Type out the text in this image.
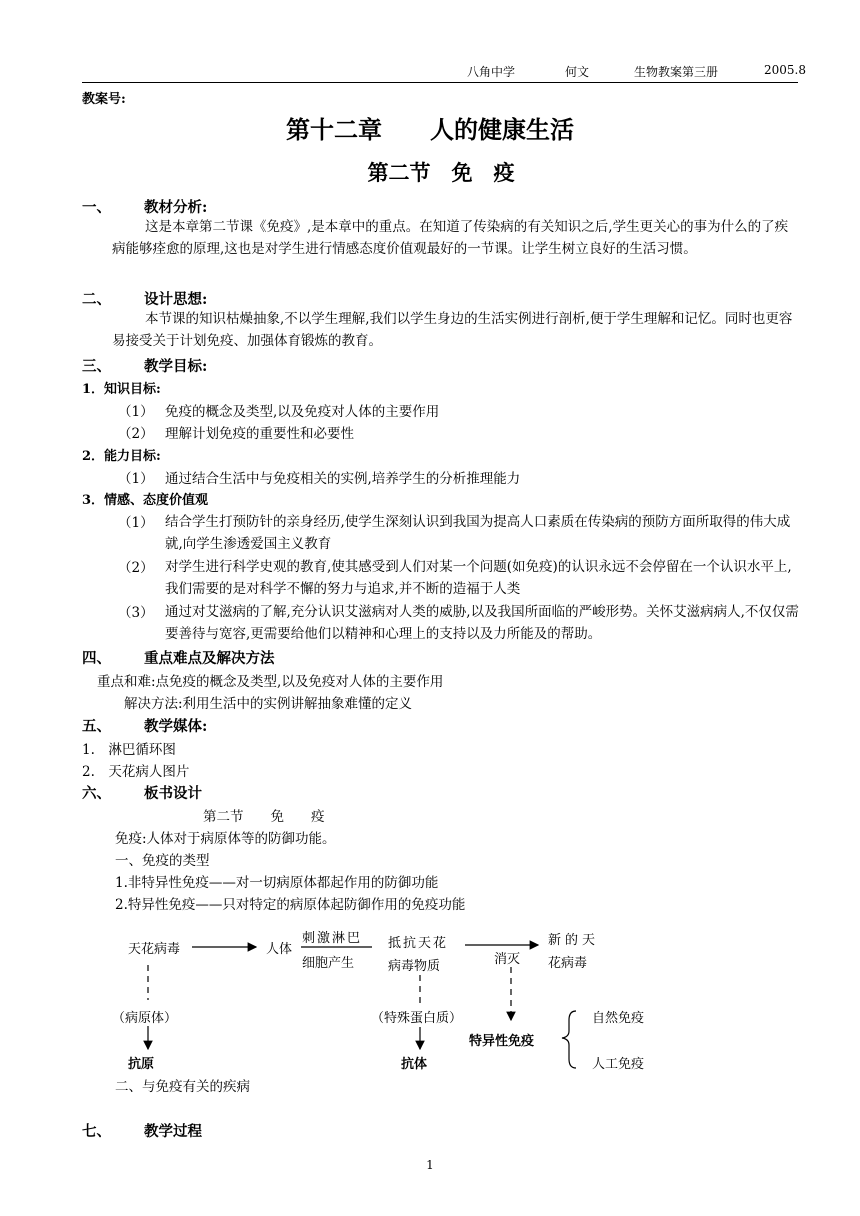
八角中学	何文	生物教案第三册	2005.8
教案号:
第十二章　　人的健康生活
第二节　免　疫
一、 教材分析:
这是本章第二节课《免疫》,是本章中的重点。在知道了传染病的有关知识之后,学生更关心的事为什么的了疾病能够痊愈的原理,这也是对学生进行情感态度价值观最好的一节课。让学生树立良好的生活习惯。
二、 设计思想:
本节课的知识枯燥抽象,不以学生理解,我们以学生身边的生活实例进行剖析,便于学生理解和记忆。同时也更容易接受关于计划免疫、加强体育锻炼的教育。
三、 教学目标:
1．知识目标:
（1） 免疫的概念及类型,以及免疫对人体的主要作用
（2） 理解计划免疫的重要性和必要性
2．能力目标:
（1） 通过结合生活中与免疫相关的实例,培养学生的分析推理能力
3．情感、态度价值观
（1） 结合学生打预防针的亲身经历,使学生深刻认识到我国为提高人口素质在传染病的预防方面所取得的伟大成就,向学生渗透爱国主义教育
（2） 对学生进行科学史观的教育,使其感受到人们对某一个问题(如免疫)的认识永远不会停留在一个认识水平上,我们需要的是对科学不懈的努力与追求,并不断的造福于人类
（3） 通过对艾滋病的了解,充分认识艾滋病对人类的威胁,以及我国所面临的严峻形势。关怀艾滋病病人,不仅仅需要善待与宽容,更需要给他们以精神和心理上的支持以及力所能及的帮助。
四、 重点难点及解决方法
重点和难:点免疫的概念及类型,以及免疫对人体的主要作用
解决方法:利用生活中的实例讲解抽象难懂的定义
五、 教学媒体:
1.　淋巴循环图
2.　天花病人图片
六、 板书设计
第二节　　免　　疫
免疫:人体对于病原体等的防御功能。
一、免疫的类型
1.非特异性免疫——对一切病原体都起作用的防御功能
2.特异性免疫——只对特定的病原体起防御作用的免疫功能
天花病毒	人体
刺激淋巴
细胞产生
抵抗天花
病毒物质	消灭
新的天
花病毒
（病原体）	（特殊蛋白质）
抗原	抗体
特异性免疫
自然免疫
人工免疫
二、与免疫有关的疾病
七、 教学过程
1
